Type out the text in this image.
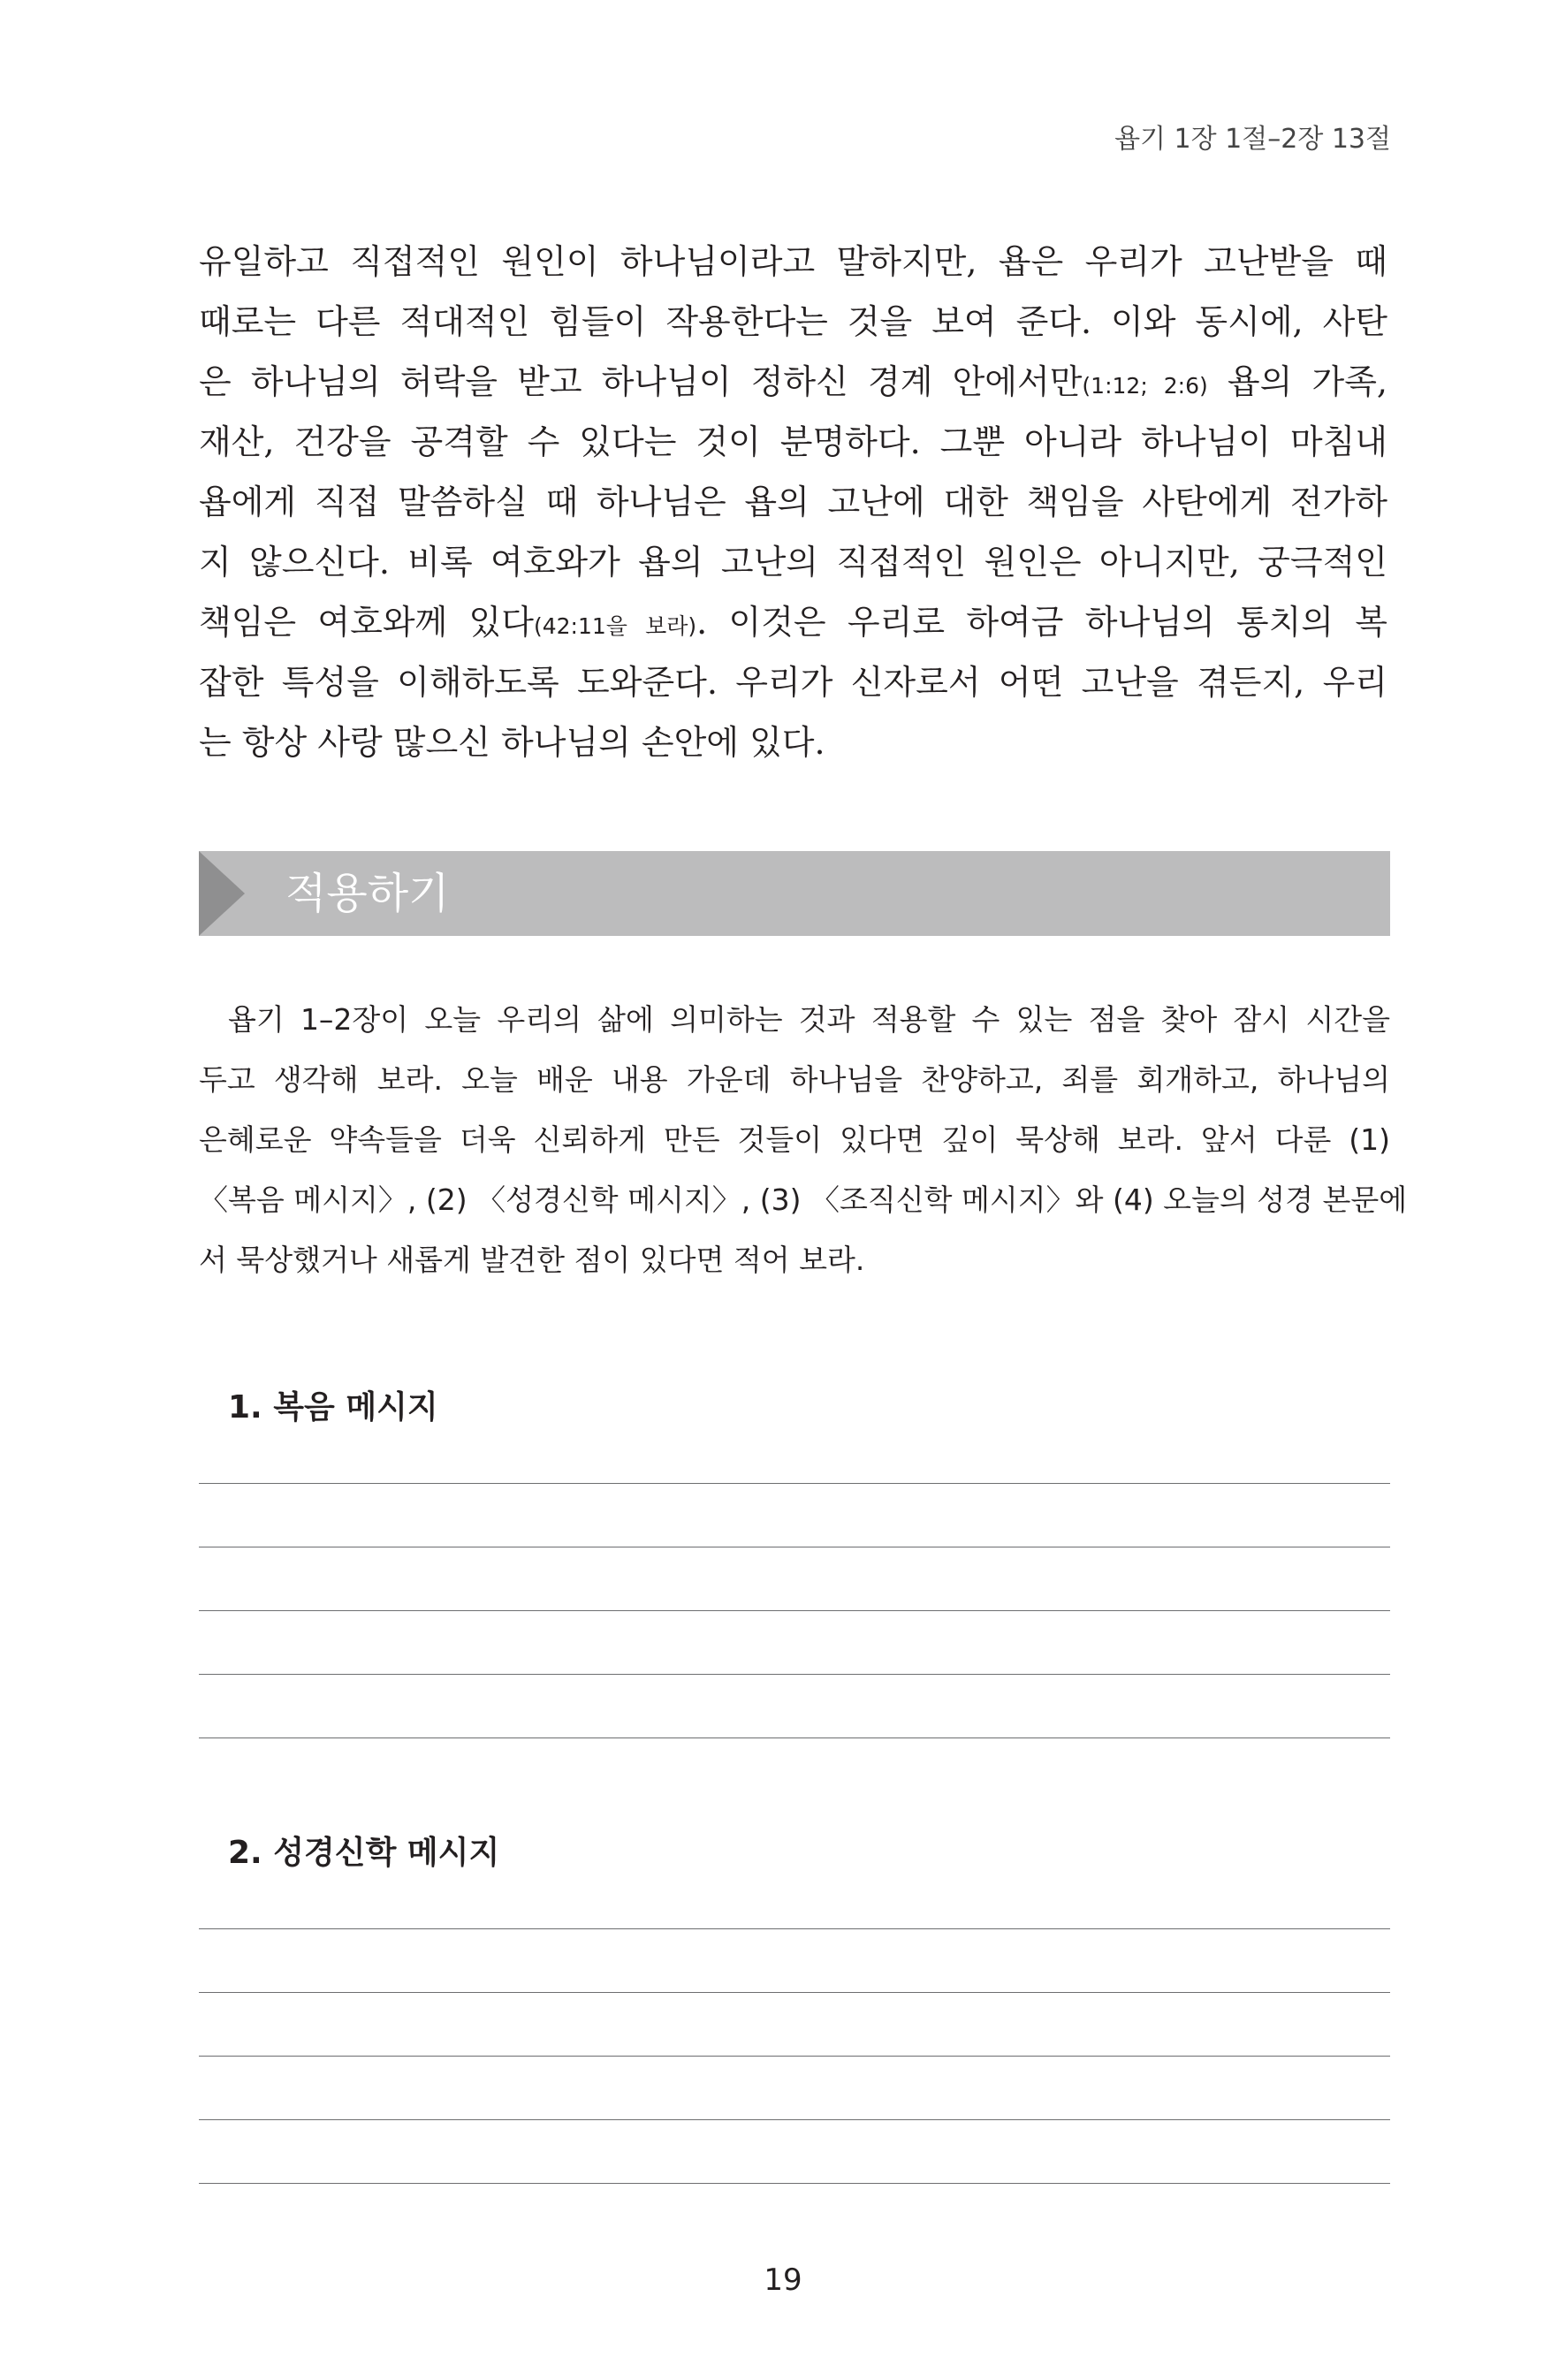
욥기 1장 1절–2장 13절
유일하고 직접적인 원인이 하나님이라고 말하지만, 욥은 우리가 고난받을 때
때로는 다른 적대적인 힘들이 작용한다는 것을 보여 준다. 이와 동시에, 사탄
은 하나님의 허락을 받고 하나님이 정하신 경계 안에서만(1:12; 2:6) 욥의 가족,
재산, 건강을 공격할 수 있다는 것이 분명하다. 그뿐 아니라 하나님이 마침내
욥에게 직접 말씀하실 때 하나님은 욥의 고난에 대한 책임을 사탄에게 전가하
지 않으신다. 비록 여호와가 욥의 고난의 직접적인 원인은 아니지만, 궁극적인
책임은 여호와께 있다(42:11을 보라). 이것은 우리로 하여금 하나님의 통치의 복
잡한 특성을 이해하도록 도와준다. 우리가 신자로서 어떤 고난을 겪든지, 우리
는 항상 사랑 많으신 하나님의 손안에 있다.
적용하기
욥기 1–2장이 오늘 우리의 삶에 의미하는 것과 적용할 수 있는 점을 찾아 잠시 시간을
두고 생각해 보라. 오늘 배운 내용 가운데 하나님을 찬양하고, 죄를 회개하고, 하나님의
은혜로운 약속들을 더욱 신뢰하게 만든 것들이 있다면 깊이 묵상해 보라. 앞서 다룬 (1)
〈복음 메시지〉, (2) 〈성경신학 메시지〉, (3) 〈조직신학 메시지〉와 (4) 오늘의 성경 본문에
서 묵상했거나 새롭게 발견한 점이 있다면 적어 보라.
1. 복음 메시지
2. 성경신학 메시지
19
